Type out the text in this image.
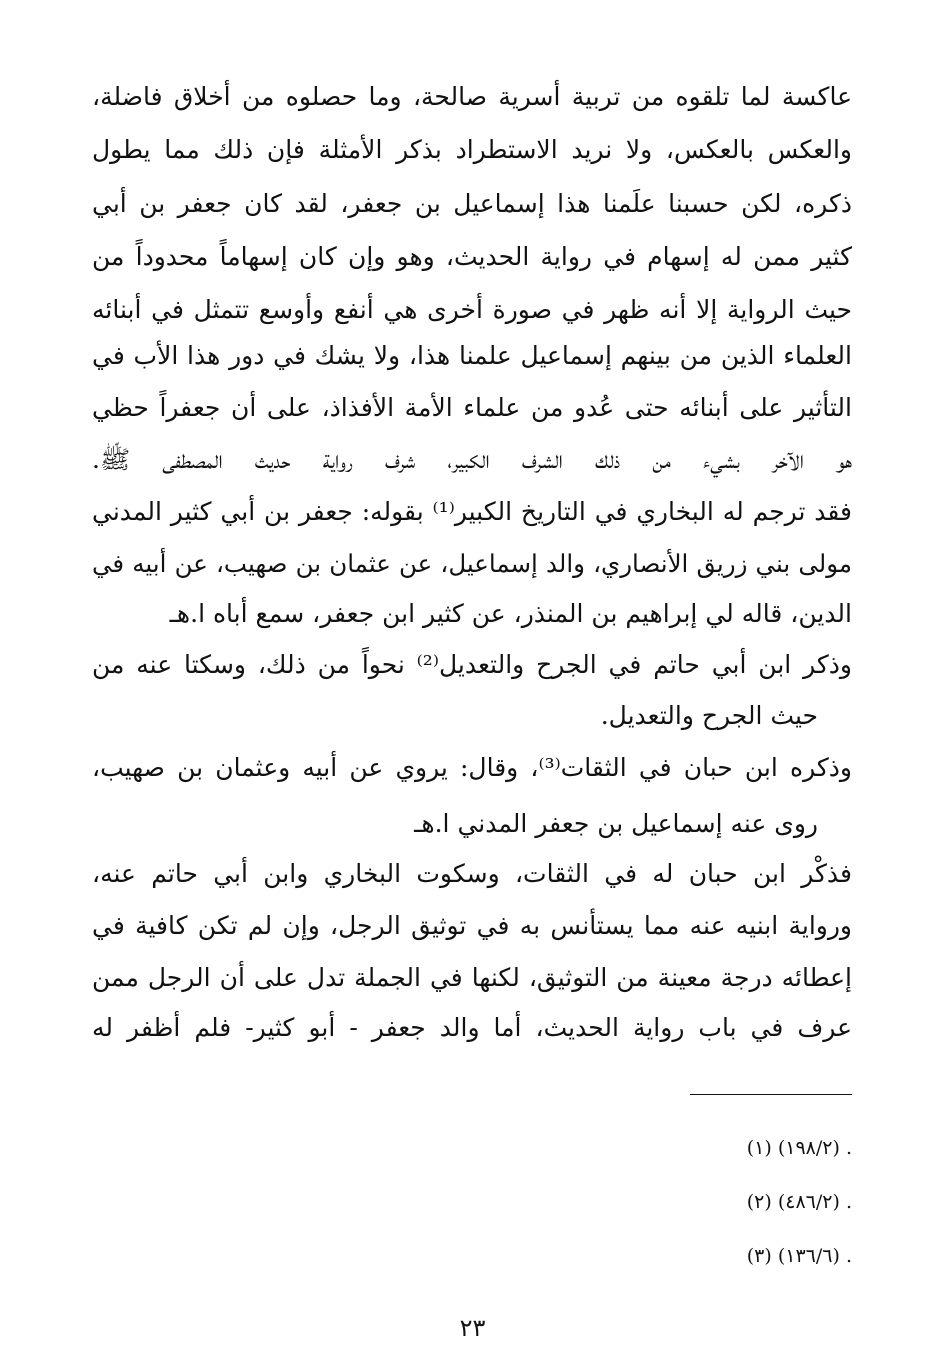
عاكسة لما تلقوه من تربية أسرية صالحة، وما حصلوه من أخلاق فاضلة،
والعكس بالعكس، ولا نريد الاستطراد بذكر الأمثلة فإن ذلك مما يطول
ذكره، لكن حسبنا علَمنا هذا إسماعيل بن جعفر، لقد كان جعفر بن أبي
كثير ممن له إسهام في رواية الحديث، وهو وإن كان إسهاماً محدوداً من
حيث الرواية إلا أنه ظهر في صورة أخرى هي أنفع وأوسع تتمثل في أبنائه
العلماء الذين من بينهم إسماعيل علمنا هذا، ولا يشك في دور هذا الأب في
التأثير على أبنائه حتى عُدو من علماء الأمة الأفذاذ، على أن جعفراً حظي
هو الآخر بشيء من ذلك الشرف الكبير، شرف رواية حديث المصطفى ﷺ.
فقد ترجم له البخاري في التاريخ الكبير⁽¹⁾ بقوله: جعفر بن أبي كثير المدني
مولى بني زريق الأنصاري، والد إسماعيل، عن عثمان بن صهيب، عن أبيه في
الدين، قاله لي إبراهيم بن المنذر، عن كثير ابن جعفر، سمع أباه ا.هـ
وذكر ابن أبي حاتم في الجرح والتعديل⁽²⁾ نحواً من ذلك، وسكتا عنه من
حيث الجرح والتعديل.
وذكره ابن حبان في الثقات⁽³⁾، وقال: يروي عن أبيه وعثمان بن صهيب،
روى عنه إسماعيل بن جعفر المدني ا.هـ
فذكْر ابن حبان له في الثقات، وسكوت البخاري وابن أبي حاتم عنه،
ورواية ابنيه عنه مما يستأنس به في توثيق الرجل، وإن لم تكن كافية في
إعطائه درجة معينة من التوثيق، لكنها في الجملة تدل على أن الرجل ممن
عرف في باب رواية الحديث، أما والد جعفر - أبو كثير- فلم أظفر له
(١) (١٩٨/٢) .
(٢) (٤٨٦/٢) .
(٣) (١٣٦/٦) .
٢٣
